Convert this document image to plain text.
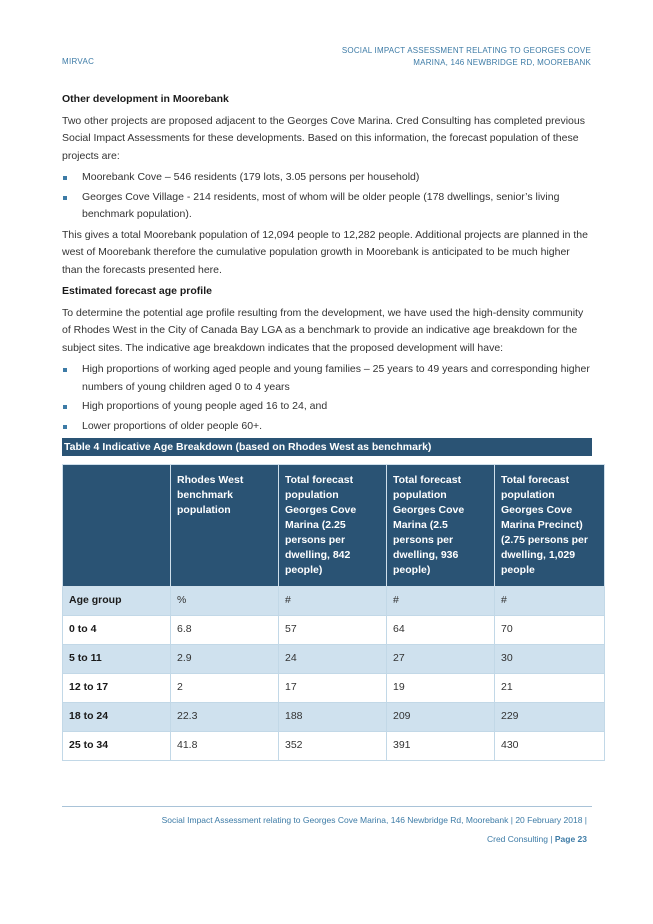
MIRVAC
SOCIAL IMPACT ASSESSMENT RELATING TO GEORGES COVE
MARINA, 146 NEWBRIDGE RD, MOOREBANK
Other development in Moorebank

Two other projects are proposed adjacent to the Georges Cove Marina. Cred Consulting has completed previous Social Impact Assessments for these developments. Based on this information, the forecast population of these projects are:

Moorebank Cove – 546 residents (179 lots, 3.05 persons per household)
Georges Cove Village - 214 residents, most of whom will be older people (178 dwellings, senior’s living benchmark population).

This gives a total Moorebank population of 12,094 people to 12,282 people. Additional projects are planned in the west of Moorebank therefore the cumulative population growth in Moorebank is anticipated to be much higher than the forecasts presented here.

Estimated forecast age profile

To determine the potential age profile resulting from the development, we have used the high-density community of Rhodes West in the City of Canada Bay LGA as a benchmark to provide an indicative age breakdown for the subject sites. The indicative age breakdown indicates that the proposed development will have:

High proportions of working aged people and young families – 25 years to 49 years and corresponding higher numbers of young children aged 0 to 4 years
High proportions of young people aged 16 to 24, and
Lower proportions of older people 60+.
Table 4 Indicative Age Breakdown (based on Rhodes West as benchmark)
	Rhodes West benchmark population	Total forecast population Georges Cove Marina (2.25 persons per dwelling, 842 people)	Total forecast population Georges Cove Marina (2.5 persons per dwelling, 936 people)	Total forecast population Georges Cove Marina Precinct) (2.75 persons per dwelling, 1,029 people
Age group	%	#	#	#
0 to 4	6.8	57	64	70
5 to 11	2.9	24	27	30
12 to 17	2	17	19	21
18 to 24	22.3	188	209	229
25 to 34	41.8	352	391	430
Social Impact Assessment relating to Georges Cove Marina, 146 Newbridge Rd, Moorebank | 20 February 2018 |
Cred Consulting | Page 23
